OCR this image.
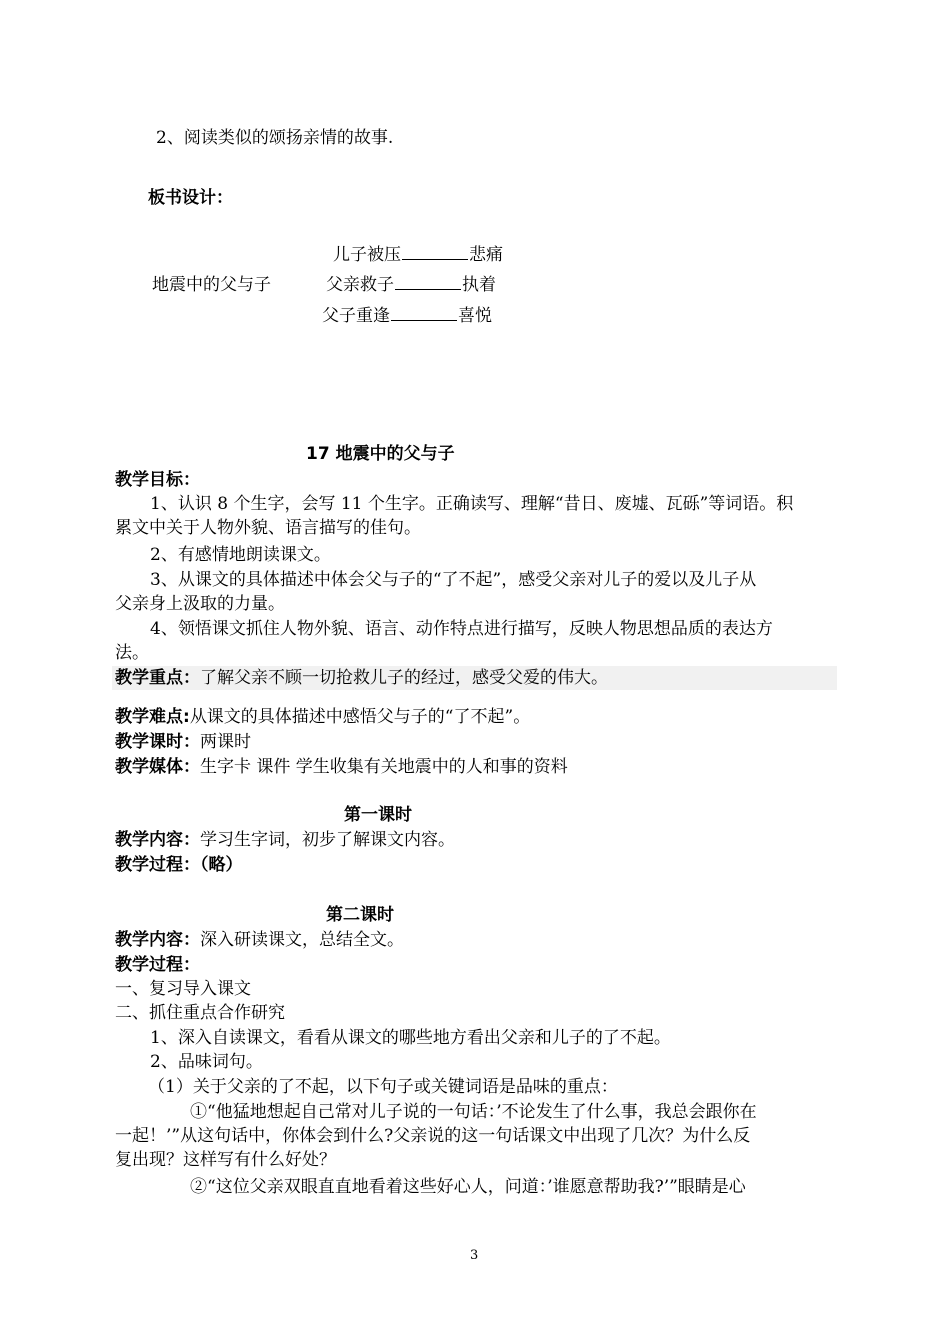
2、阅读类似的颂扬亲情的故事.
板书设计：
儿子被压	悲痛
地震中的父与子	父亲救子	执着
父子重逢	喜悦
17 地震中的父与子
教学目标：
1、认识 8 个生字，会写 11 个生字。正确读写、理解“昔日、废墟、瓦砾”等词语。积
累文中关于人物外貌、语言描写的佳句。
2、有感情地朗读课文。
3、从课文的具体描述中体会父与子的“了不起”，感受父亲对儿子的爱以及儿子从
父亲身上汲取的力量。
4、领悟课文抓住人物外貌、语言、动作特点进行描写，反映人物思想品质的表达方
法。
教学重点：了解父亲不顾一切抢救儿子的经过，感受父爱的伟大。
教学难点:从课文的具体描述中感悟父与子的“了不起”。
教学课时：两课时
教学媒体：生字卡 课件 学生收集有关地震中的人和事的资料
第一课时
教学内容：学习生字词，初步了解课文内容。
教学过程：（略）
第二课时
教学内容：深入研读课文，总结全文。
教学过程：
一、复习导入课文
二、抓住重点合作研究
1、深入自读课文，看看从课文的哪些地方看出父亲和儿子的了不起。
2、品味词句。
（1）关于父亲的了不起，以下句子或关键词语是品味的重点：
①“他猛地想起自己常对儿子说的一句话：’不论发生了什么事，我总会跟你在
一起！’”从这句话中，你体会到什么?父亲说的这一句话课文中出现了几次？为什么反
复出现？这样写有什么好处？
②“这位父亲双眼直直地看着这些好心人，问道：’谁愿意帮助我?’”眼睛是心
3
